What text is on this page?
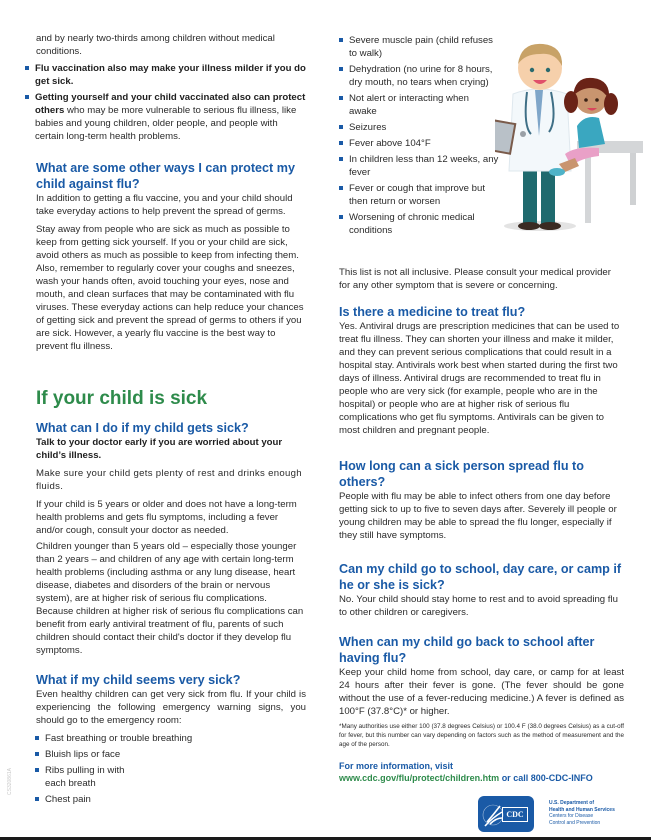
and by nearly two-thirds among children without medical conditions.

Flu vaccination also may make your illness milder if you do get sick.
Getting yourself and your child vaccinated also can protect others who may be more vulnerable to serious flu illness, like babies and young children, older people, and people with certain long-term health problems.
What are some other ways I can protect my child against flu?

In addition to getting a flu vaccine, you and your child should take everyday actions to help prevent the spread of germs.

Stay away from people who are sick as much as possible to keep from getting sick yourself. If you or your child are sick, avoid others as much as possible to keep from infecting them. Also, remember to regularly cover your coughs and sneezes, wash your hands often, avoid touching your eyes, nose and mouth, and clean surfaces that may be contaminated with flu viruses. These everyday actions can help reduce your chances of getting sick and prevent the spread of germs to others if you are sick. However, a yearly flu vaccine is the best way to prevent flu illness.

If your child is sick
What can I do if my child gets sick?

Talk to your doctor early if you are worried about your child’s illness.

Make sure your child gets plenty of rest and drinks enough fluids.

If your child is 5 years or older and does not have a long-term health problems and gets flu symptoms, including a fever and/or cough, consult your doctor as needed.

Children younger than 5 years old – especially those younger than 2 years – and children of any age with certain long-term health problems (including asthma or any lung disease, heart disease, diabetes and disorders of the brain or nervous system), are at higher risk of serious flu complications. Because children at higher risk of serious flu complications can benefit from early antiviral treatment of flu, parents of such children should contact their child's doctor if they develop flu symptoms.

What if my child seems very sick?

Even healthy children can get very sick from flu. If your child is experiencing the following emergency warning signs, you should go to the emergency room:

Fast breathing or trouble breathing
Bluish lips or face
Ribs pulling in with each breath
Chest pain
CS320861A
Severe muscle pain (child refuses to walk)
Dehydration (no urine for 8 hours, dry mouth, no tears when crying)
Not alert or interacting when awake
Seizures
Fever above 104°F
In children less than 12 weeks, any fever
Fever or cough that improve but then return or worsen
Worsening of chronic medical conditions

This list is not all inclusive. Please consult your medical provider for any other symptom that is severe or concerning.

Is there a medicine to treat flu?

Yes. Antiviral drugs are prescription medicines that can be used to treat flu illness. They can shorten your illness and make it milder, and they can prevent serious complications that could result in a hospital stay. Antivirals work best when started during the first two days of illness. Antiviral drugs are recommended to treat flu in people who are very sick (for example, people who are in the hospital) or people who are at higher risk of serious flu complications who get flu symptoms. Antivirals can be given to most children and pregnant people.

How long can a sick person spread flu to others?

People with flu may be able to infect others from one day before getting sick to up to five to seven days after. Severely ill people or young children may be able to spread the flu longer, especially if they still have symptoms.

Can my child go to school, day care, or camp if he or she is sick?

No. Your child should stay home to rest and to avoid spreading flu to other children or caregivers.

When can my child go back to school after having flu?

Keep your child home from school, day care, or camp for at least 24 hours after their fever is gone. (The fever should be gone without the use of a fever-reducing medicine.) A fever is defined as 100°F (37.8°C)* or higher.

*Many authorities use either 100 (37.8 degrees Celsius) or 100.4 F (38.0 degrees Celsius) as a cut-off for fever, but this number can vary depending on factors such as the method of measurement and the age of the person.

For more information, visit
www.cdc.gov/flu/protect/children.htm or call 800-CDC-INFO
CDC
U.S. Department of
Health and Human Services
Centers for Disease
Control and Prevention
